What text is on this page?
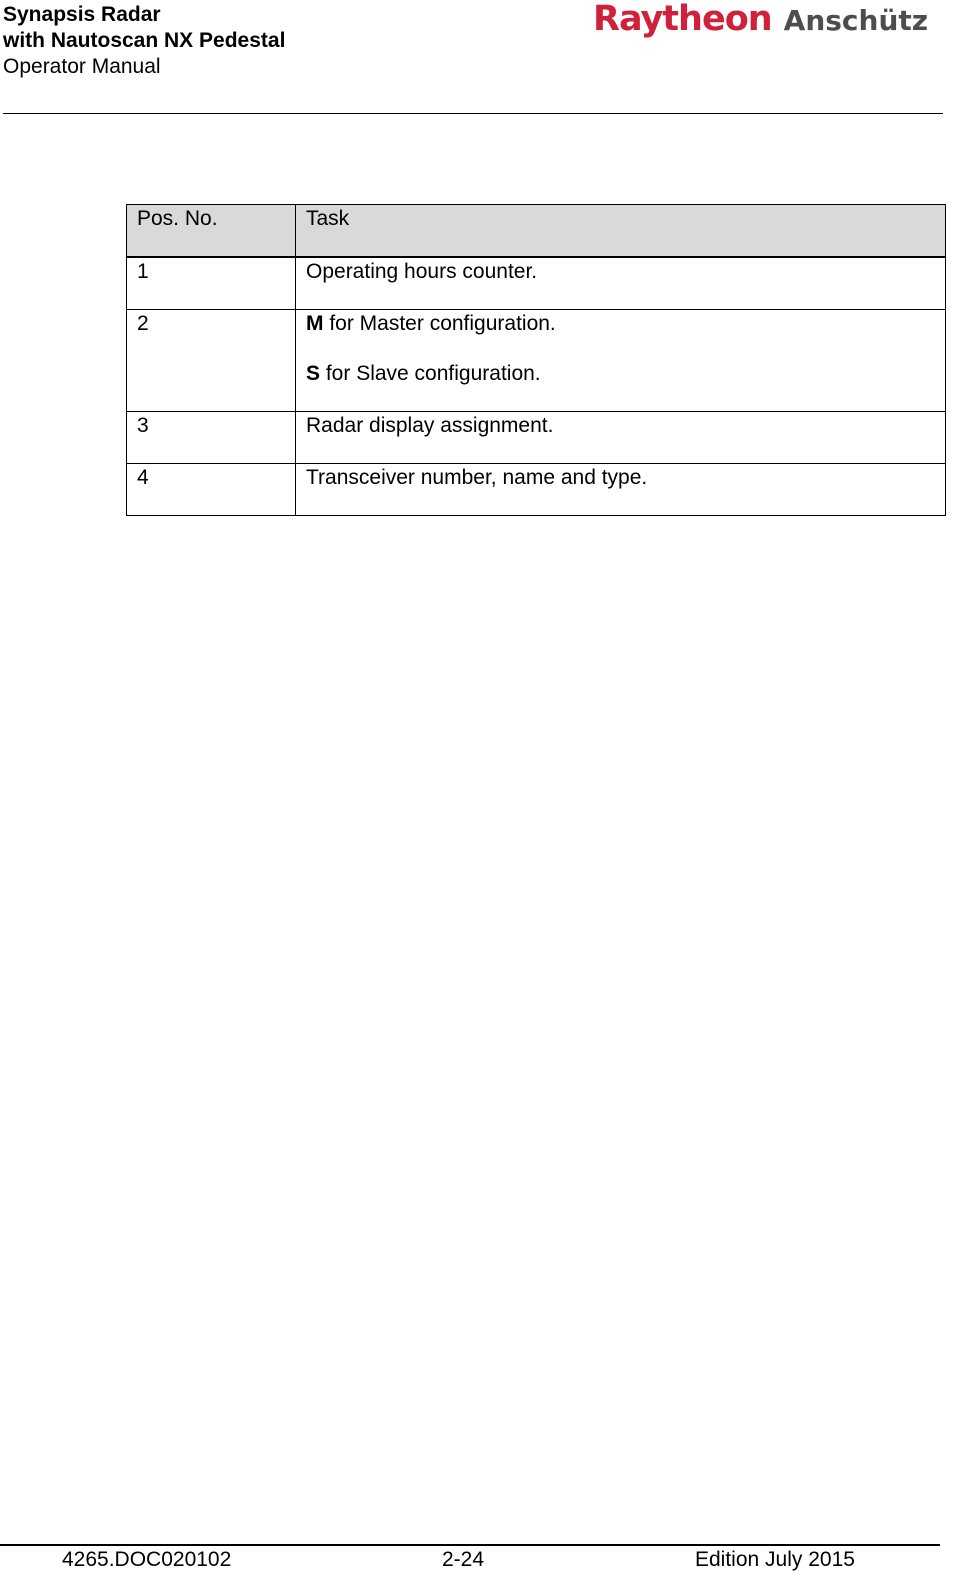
Synapsis Radar
with Nautoscan NX Pedestal
Operator Manual
Raytheon Anschütz
Pos. No.	Task
1	Operating hours counter.
2	M for Master configuration.

S for Slave configuration.

3	Radar display assignment.
4	Transceiver number, name and type.
4265.DOC020102	2-24	Edition July 2015
